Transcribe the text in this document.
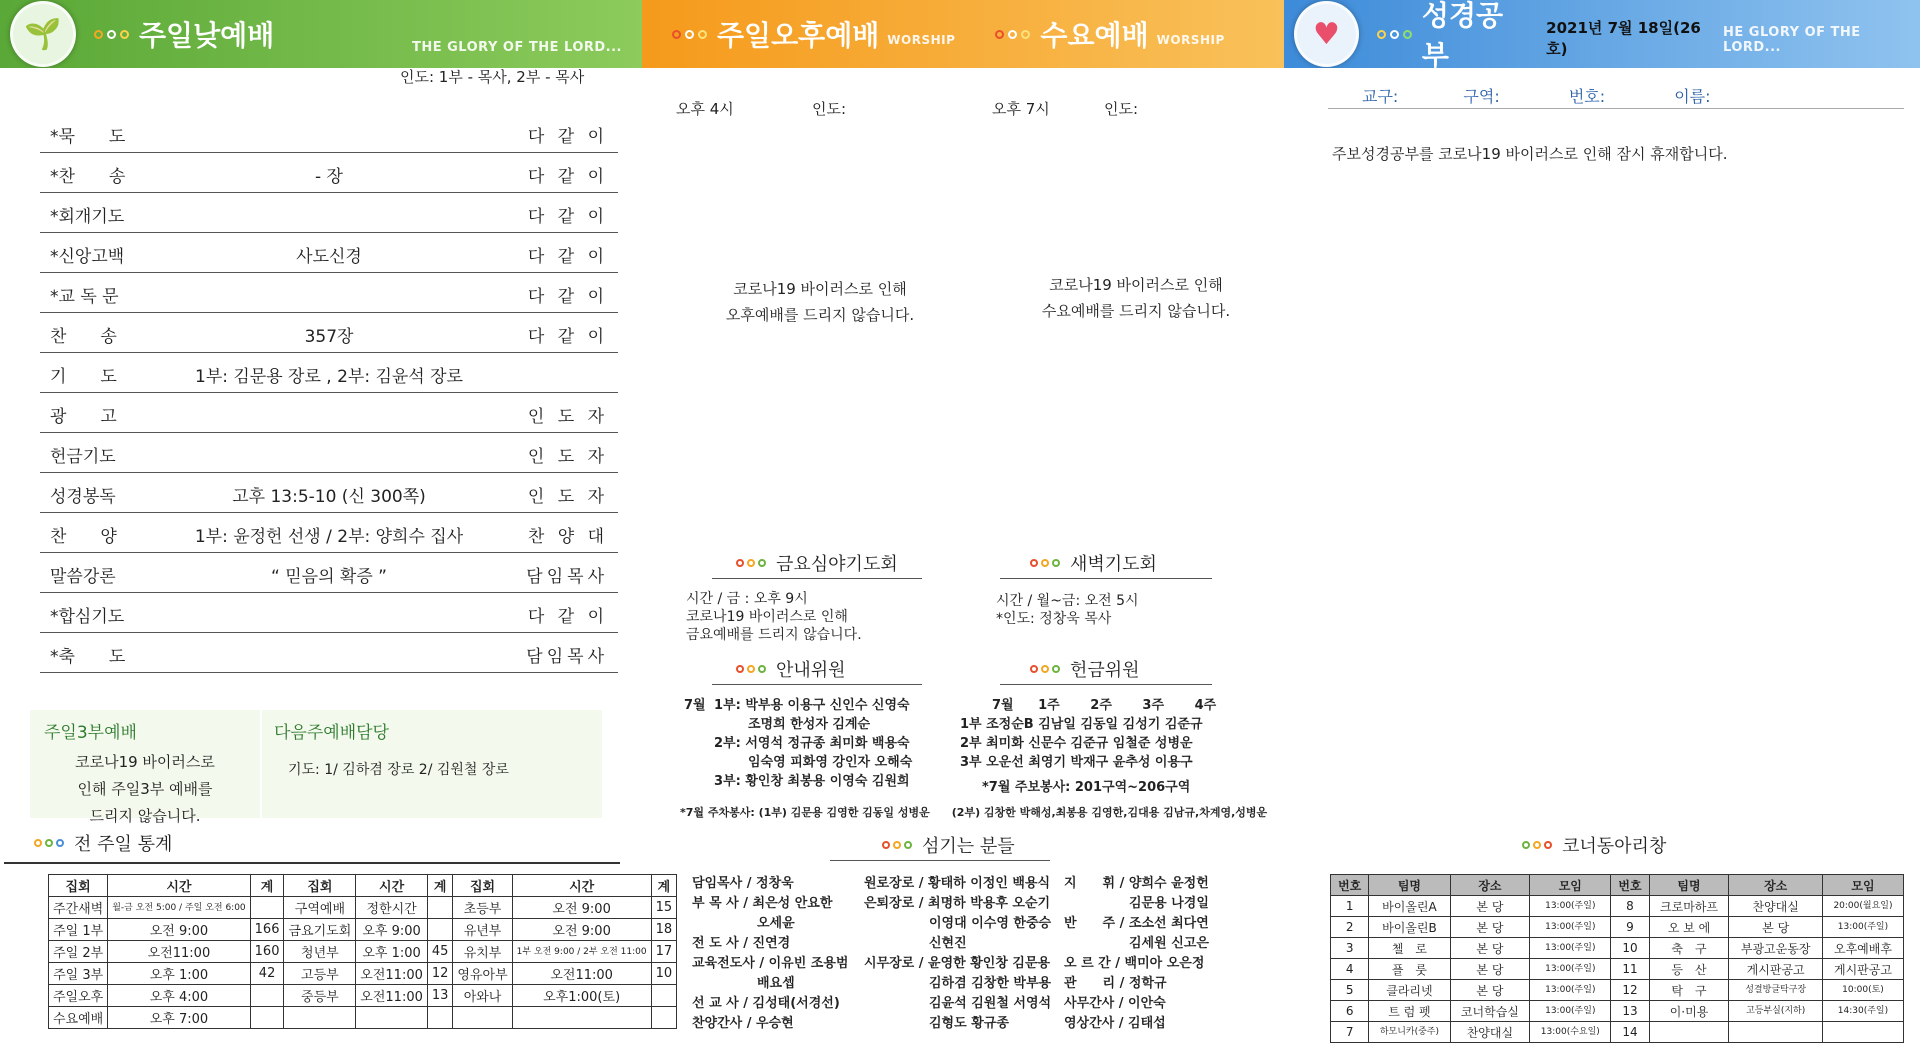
🌱	주일낮예배	THE GLORY OF THE LORD...	주일오후예배 WORSHIP	수요예배 WORSHIP	♥
성경공부
2021년 7월 18일(26호)
HE GLORY OF THE LORD...
인도: 1부 - 목사, 2부 - 목사
*묵　　도	다 같 이
*찬　　송	- 장	다 같 이
*회개기도	다 같 이
*신앙고백	사도신경	다 같 이
*교 독 문	다 같 이
찬　　송	357장	다 같 이
기　　도	1부: 김문용 장로 , 2부: 김윤석 장로
광　　고	인 도 자
헌금기도	인 도 자
성경봉독	고후 13:5-10 (신 300쪽)	인 도 자
찬　　양	1부: 윤정헌 선생 / 2부: 양희수 집사	찬 양 대
말씀강론	“ 믿음의 확증 ”	담임목사
*합심기도	다 같 이
*축　　도	담임목사
주일3부예배
코로나19 바이러스로
인해 주일3부 예배를
드리지 않습니다.
다음주예배담당
기도: 1/ 김하겸 장로 2/ 김원철 장로
전 주일 통계
집회	시간	계	집회	시간	계	집회	시간	계
주간새벽	월-금 오전 5:00 / 주일 오전 6:00		구역예배	정한시간		초등부	오전 9:00	15
주일 1부	오전 9:00	166	금요기도회	오후 9:00		유년부	오전 9:00	18
주일 2부	오전11:00	160	청년부	오후 1:00	45	유치부	1부 오전 9:00 / 2부 오전 11:00	17
주일 3부	오후 1:00	42	고등부	오전11:00	12	영유아부	오전11:00	10
주일오후	오후 4:00		중등부	오전11:00	13	아와나	오후1:00(토)	
수요예배	오후 7:00							
오후 4시	인도:	오후 7시	인도:
코로나19 바이러스로 인해
오후예배를 드리지 않습니다.
코로나19 바이러스로 인해
수요예배를 드리지 않습니다.
금요심야기도회
시간 / 금 : 오후 9시
코로나19 바이러스로 인해
금요예배를 드리지 않습니다.
새벽기도회
시간 / 월~금: 오전 5시
*인도: 정창욱 목사
안내위원
7월 1부: 박부용 이용구 신인수 신영숙
조명희 한성자 김계순
2부: 서영석 정규종 최미화 백용숙
임숙영 피화영 강인자 오해숙
3부: 황인창 최봉용 이영숙 김원희
헌금위원
7월 1주 2주 3주 4주
1부 조정순B 김남일 김동일 김성기 김준규
2부 최미화 신문수 김준규 임철준 성병운
3부 오운선 최영기 박재구 윤추성 이용구
*7월 주보봉사: 201구역~206구역
*7월 주차봉사: (1부) 김문용 김영한 김동일 성병운　　(2부) 김창한 박해성,최봉용 김영한,김대용 김남규,차계영,성병운
섬기는 분들
담임목사 / 정창욱
부 목 사 / 최은성 안요한
　　　　　오세윤
전 도 사 / 진연경
교육전도사 / 이유빈 조용범
　　　　　배요셉
선 교 사 / 김성태(서경선)
찬양간사 / 우승현
원로장로 / 황태하 이정인 백용식
은퇴장로 / 최명하 박용후 오순기
　　　　　이영대 이수영 한중승
　　　　　신현진
시무장로 / 윤영한 황인창 김문용
　　　　　김하겸 김창한 박부용
　　　　　김윤석 김원철 서영석
　　　　　김형도 황규종
지　　휘 / 양희수 윤정헌
　　　　　김문용 나경일
반　　주 / 조소선 최다연
　　　　　김세원 신고은
오 르 간 / 백미아 오은정
관　　리 / 정학규
사무간사 / 이안숙
영상간사 / 김태섭
교구:	구역:	번호:	이름:
주보성경공부를 코로나19 바이러스로 인해 잠시 휴재합니다.
코너동아리창
번호	팀명	장소	모임	번호	팀명	장소	모임
1	바이올린A	본 당	13:00(주일)	8	크로마하프	찬양대실	20:00(월요일)
2	바이올린B	본 당	13:00(주일)	9	오 보 에	본 당	13:00(주일)
3	첼　로	본 당	13:00(주일)	10	축　구	부광고운동장	오후예배후
4	플　룻	본 당	13:00(주일)	11	등　산	게시판공고	게시판공고
5	클라리넷	본 당	13:00(주일)	12	탁　구	성결방글탁구장	10:00(토)
6	트 럼 펫	코너학습실	13:00(주일)	13	이·미용	고등부실(지하)	14:30(주일)
7	하모니카(중주)	찬양대실	13:00(수요일)	14			
